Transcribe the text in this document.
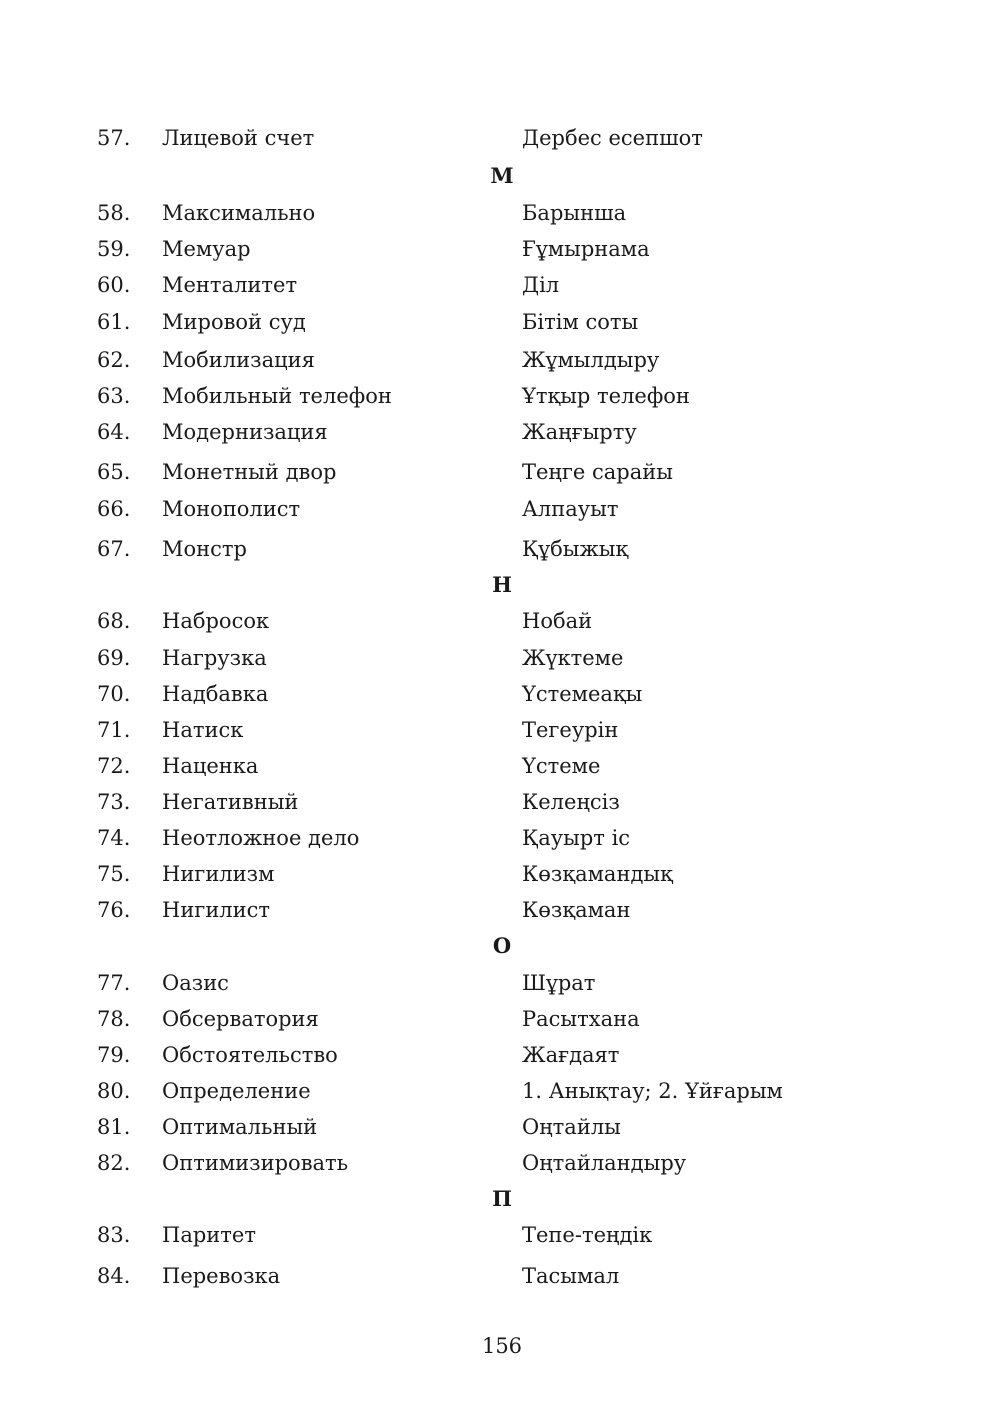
57. Лицевой счет	Дербес есепшот
М
58. Максимально	Барынша
59. Мемуар	Ғұмырнама
60. Менталитет	Діл
61. Мировой суд	Бітім соты
62. Мобилизация	Жұмылдыру
63. Мобильный телефон	Ұтқыр телефон
64. Модернизация	Жаңғырту
65. Монетный двор	Теңге сарайы
66. Монополист	Алпауыт
67. Монстр	Құбыжық
Н
68. Набросок	Нобай
69. Нагрузка	Жүктеме
70. Надбавка	Үстемеақы
71. Натиск	Тегеурін
72. Наценка	Үстеме
73. Негативный	Келеңсіз
74. Неотложное дело	Қауырт іс
75. Нигилизм	Көзқамандық
76. Нигилист	Көзқаман
О
77. Оазис	Шұрат
78. Обсерватория	Расытхана
79. Обстоятельство	Жағдаят
80. Определение	1. Анықтау; 2. Ұйғарым
81. Оптимальный	Оңтайлы
82. Оптимизировать	Оңтайландыру
П
83. Паритет	Тепе-теңдік
84. Перевозка	Тасымал
156
